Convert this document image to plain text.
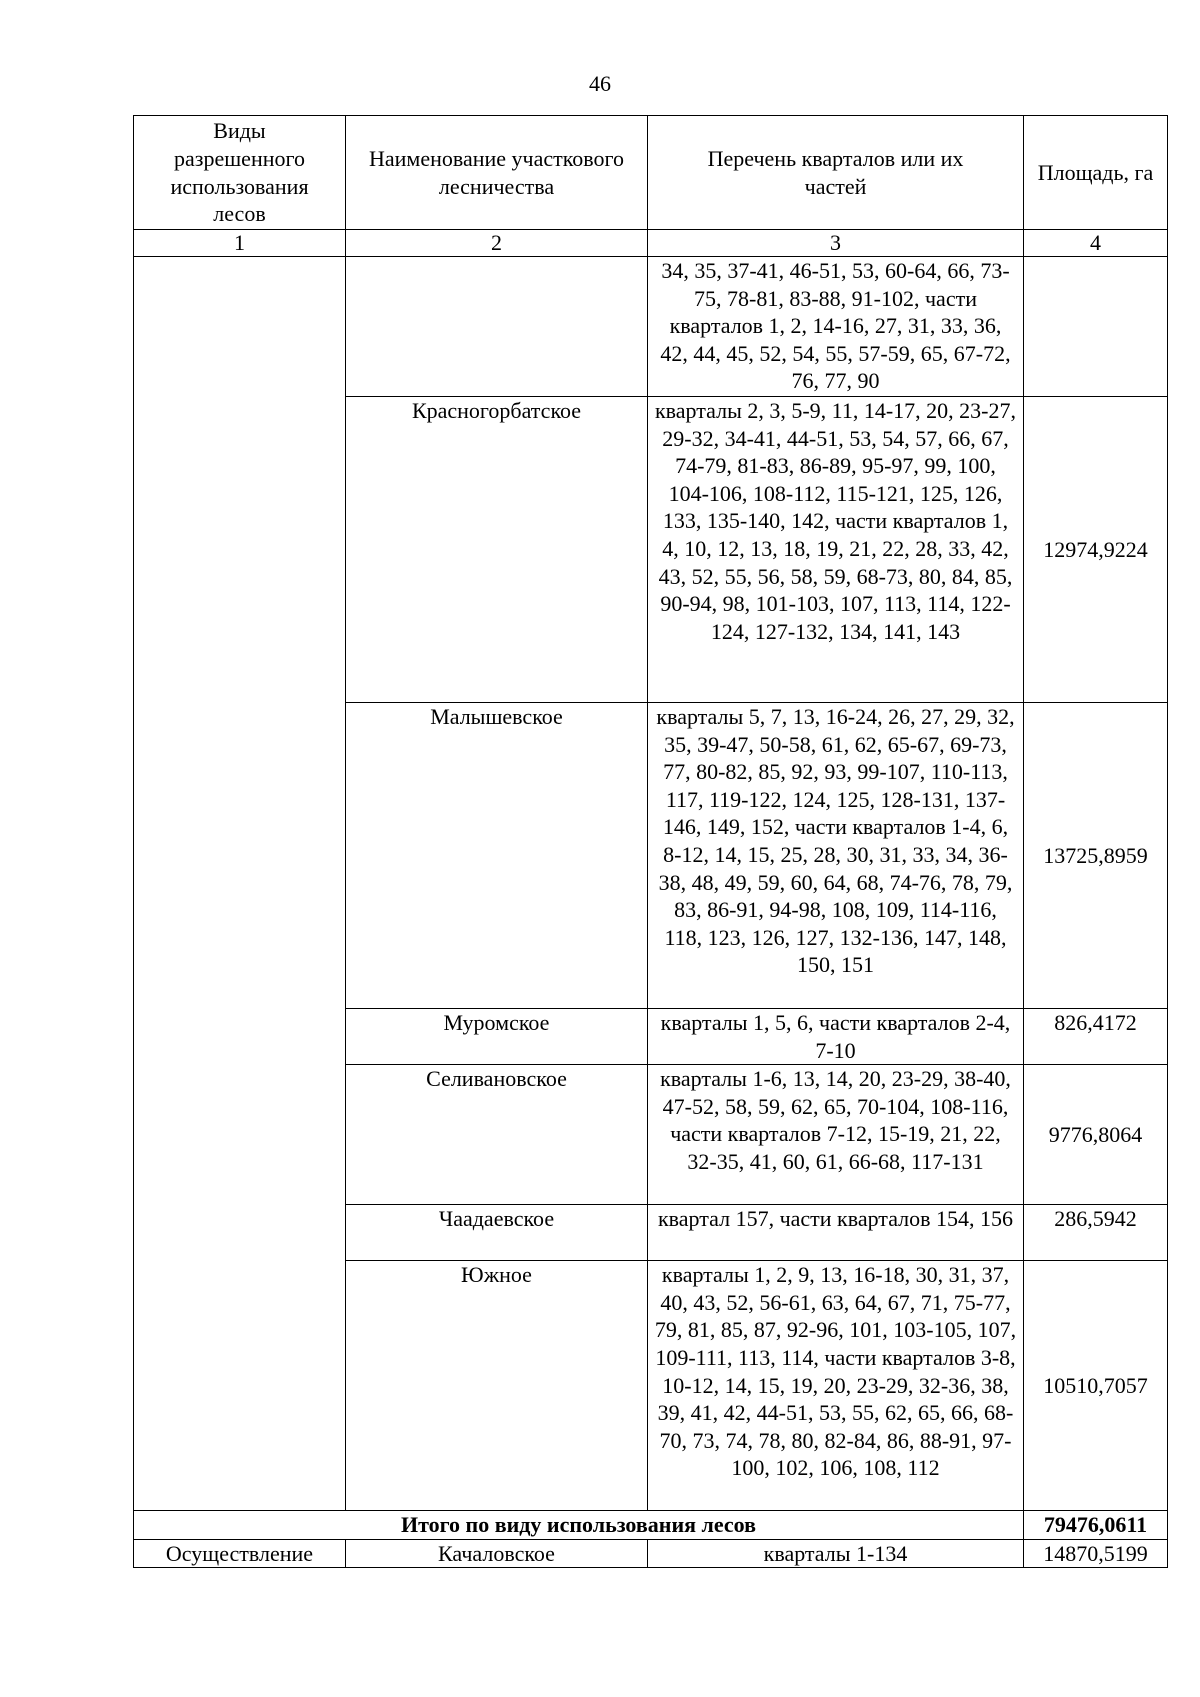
46
Виды разрешенного использования лесов	Наименование участкового лесничества	Перечень кварталов или их частей	Площадь, га
1	2	3	4
		34, 35, 37-41, 46-51, 53, 60-64, 66, 73-75, 78-81, 83-88, 91-102, части кварталов 1, 2, 14-16, 27, 31, 33, 36, 42, 44, 45, 52, 54, 55, 57-59, 65, 67-72, 76, 77, 90	
	Красногорбатское	кварталы 2, 3, 5-9, 11, 14-17, 20, 23-27, 29-32, 34-41, 44-51, 53, 54, 57, 66, 67, 74-79, 81-83, 86-89, 95-97, 99, 100, 104-106, 108-112, 115-121, 125, 126, 133, 135-140, 142, части кварталов 1, 4, 10, 12, 13, 18, 19, 21, 22, 28, 33, 42, 43, 52, 55, 56, 58, 59, 68-73, 80, 84, 85, 90-94, 98, 101-103, 107, 113, 114, 122-124, 127-132, 134, 141, 143	12974,9224
	Малышевское	кварталы 5, 7, 13, 16-24, 26, 27, 29, 32, 35, 39-47, 50-58, 61, 62, 65-67, 69-73, 77, 80-82, 85, 92, 93, 99-107, 110-113, 117, 119-122, 124, 125, 128-131, 137-146, 149, 152, части кварталов 1-4, 6, 8-12, 14, 15, 25, 28, 30, 31, 33, 34, 36-38, 48, 49, 59, 60, 64, 68, 74-76, 78, 79, 83, 86-91, 94-98, 108, 109, 114-116, 118, 123, 126, 127, 132-136, 147, 148, 150, 151	13725,8959
	Муромское	кварталы 1, 5, 6, части кварталов 2-4, 7-10	826,4172
	Селивановское	кварталы 1-6, 13, 14, 20, 23-29, 38-40, 47-52, 58, 59, 62, 65, 70-104, 108-116, части кварталов 7-12, 15-19, 21, 22, 32-35, 41, 60, 61, 66-68, 117-131	9776,8064
	Чаадаевское	квартал 157, части кварталов 154, 156	286,5942
	Южное	кварталы 1, 2, 9, 13, 16-18, 30, 31, 37, 40, 43, 52, 56-61, 63, 64, 67, 71, 75-77, 79, 81, 85, 87, 92-96, 101, 103-105, 107, 109-111, 113, 114, части кварталов 3-8, 10-12, 14, 15, 19, 20, 23-29, 32-36, 38, 39, 41, 42, 44-51, 53, 55, 62, 65, 66, 68-70, 73, 74, 78, 80, 82-84, 86, 88-91, 97-100, 102, 106, 108, 112	10510,7057
Итого по виду использования лесов			79476,0611
Осуществление	Качаловское	кварталы 1-134	14870,5199
